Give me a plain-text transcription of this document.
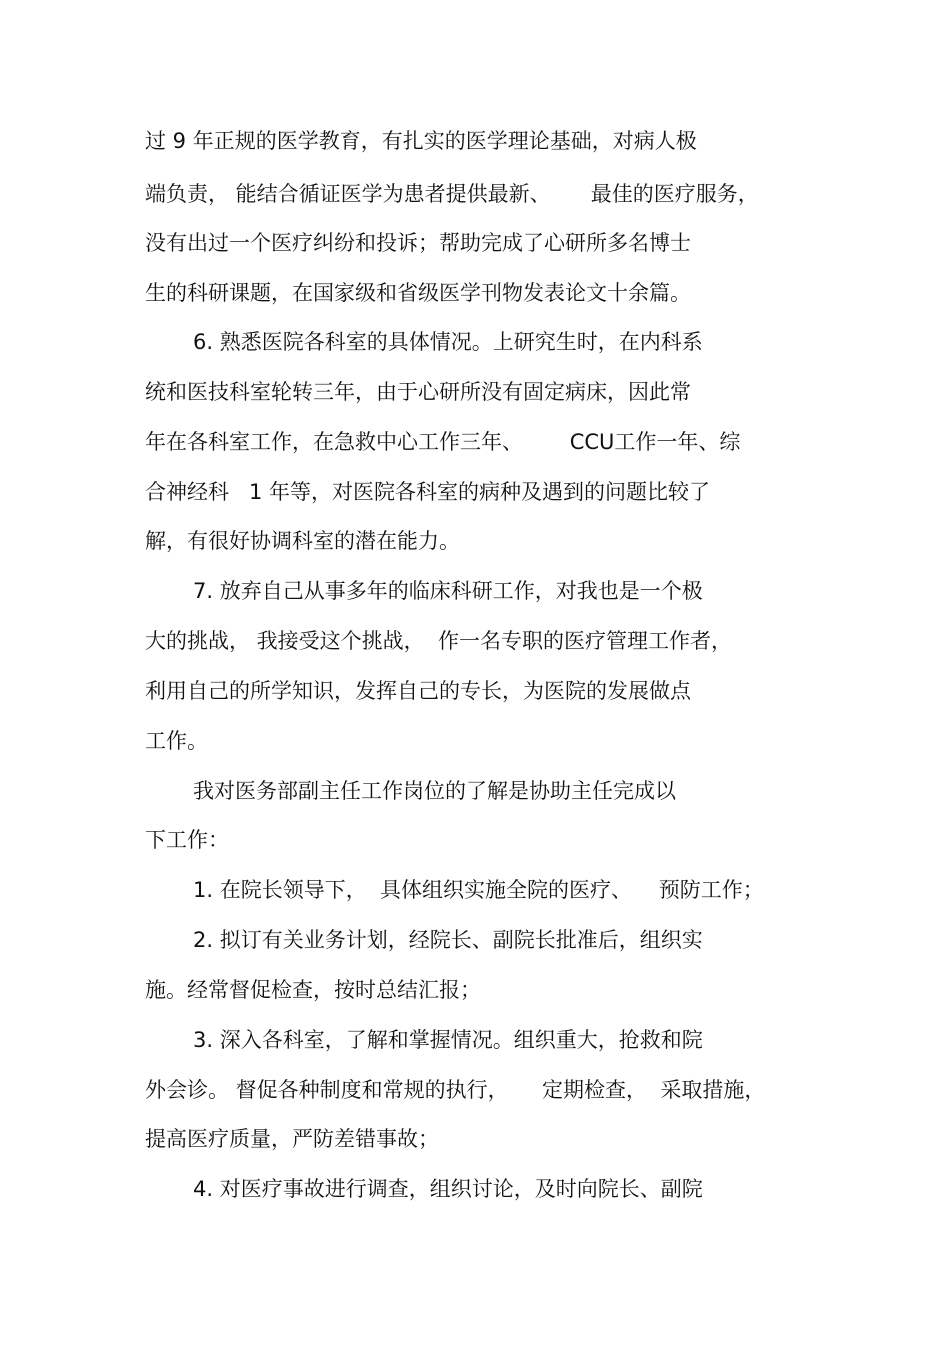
过 9 年正规的医学教育，有扎实的医学理论基础，对病人极
端负责， 能结合循证医学为患者提供最新、      最佳的医疗服务，
没有出过一个医疗纠纷和投诉；帮助完成了心研所多名博士
生的科研课题，在国家级和省级医学刊物发表论文十余篇。
6. 熟悉医院各科室的具体情况。上研究生时，在内科系
统和医技科室轮转三年，由于心研所没有固定病床，因此常
年在各科室工作，在急救中心工作三年、       CCU工作一年、综
合神经科   1 年等，对医院各科室的病种及遇到的问题比较了
解，有很好协调科室的潜在能力。
7. 放弃自己从事多年的临床科研工作，对我也是一个极
大的挑战， 我接受这个挑战，  作一名专职的医疗管理工作者，
利用自己的所学知识，发挥自己的专长，为医院的发展做点
工作。
我对医务部副主任工作岗位的了解是协助主任完成以
下工作：
1. 在院长领导下，  具体组织实施全院的医疗、    预防工作；
2. 拟订有关业务计划，经院长、副院长批准后，组织实
施。经常督促检查，按时总结汇报；
3. 深入各科室，了解和掌握情况。组织重大，抢救和院
外会诊。 督促各种制度和常规的执行，     定期检查，  采取措施，
提高医疗质量，严防差错事故；
4. 对医疗事故进行调查，组织讨论，及时向院长、副院
